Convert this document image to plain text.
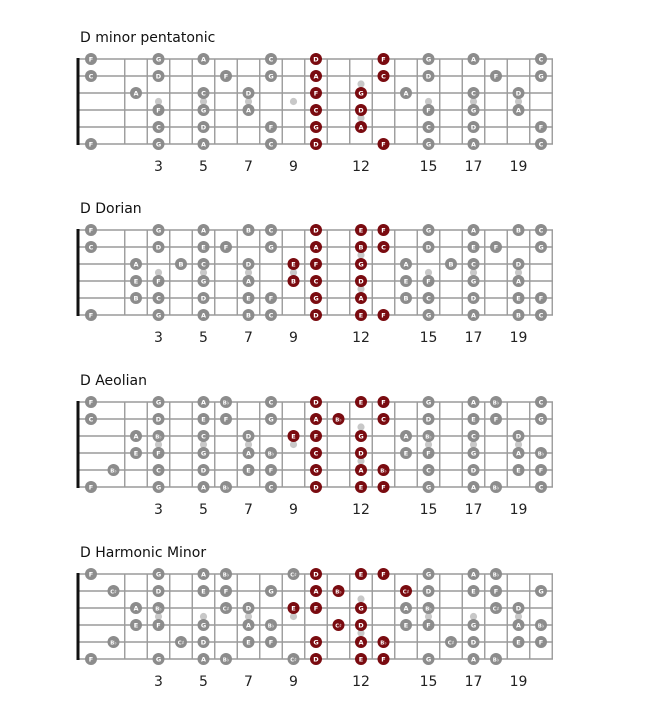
D minor pentatonic
F	G	A	C	D	F	G	A	C
C	D	F	G	A	C	D	F	G
A	C	D	F	G	A	C	D
F	G	A	C	D	F	G	A
C	D	F	G	A	C	D	F
F	G	A	C	D	F	G	A	C
3	5	7	9	12	15 17 19
D Dorian
F	G	A	B	C	D	E	F	G	A	B	C
C	D	E	F	G	A	B	C	D	E	F	G
A	B	C	D	E	F	G	A	B	C	D
E	F	G	A	B	C	D	E	F	G	A
B	C	D	E	F	G	A	B	C	D	E	F
F	G	A	B	C	D	E	F	G	A	B	C
3	5	7	9	12	15 17 19
D Aeolian
F	G	A	B♭	C	D	E	F	G	A	B♭	C
C	D	E	F	G	A	B♭	C	D	E	F	G
A	B♭	C	D	E	F	G	A	B♭	C	D
E	F	G	A	B♭	C	D	E	F	G	A	B♭
B♭	C	D	E	F	G	A	B♭	C	D	E	F
F	G	A	B♭	C	D	E	F	G	A	B♭	C
3	5	7	9	12	15 17 19
D Harmonic Minor
F	G	A	B♭	C♯	D	E	F	G	A	B♭
C♯	D	E	F	G	A	B♭	C♯	D	E	F	G
A	B♭	C♯	D	E	F	G	A	B♭	C♯	D
E	F	G	A	B♭	C♯	D	E	F	G	A	B♭
B♭	C♯	D	E	F	G	A	B♭	C♯	D	E	F
F	G	A	B♭	C♯	D	E	F	G	A	B♭
3	5	7	9	12	15 17 19
